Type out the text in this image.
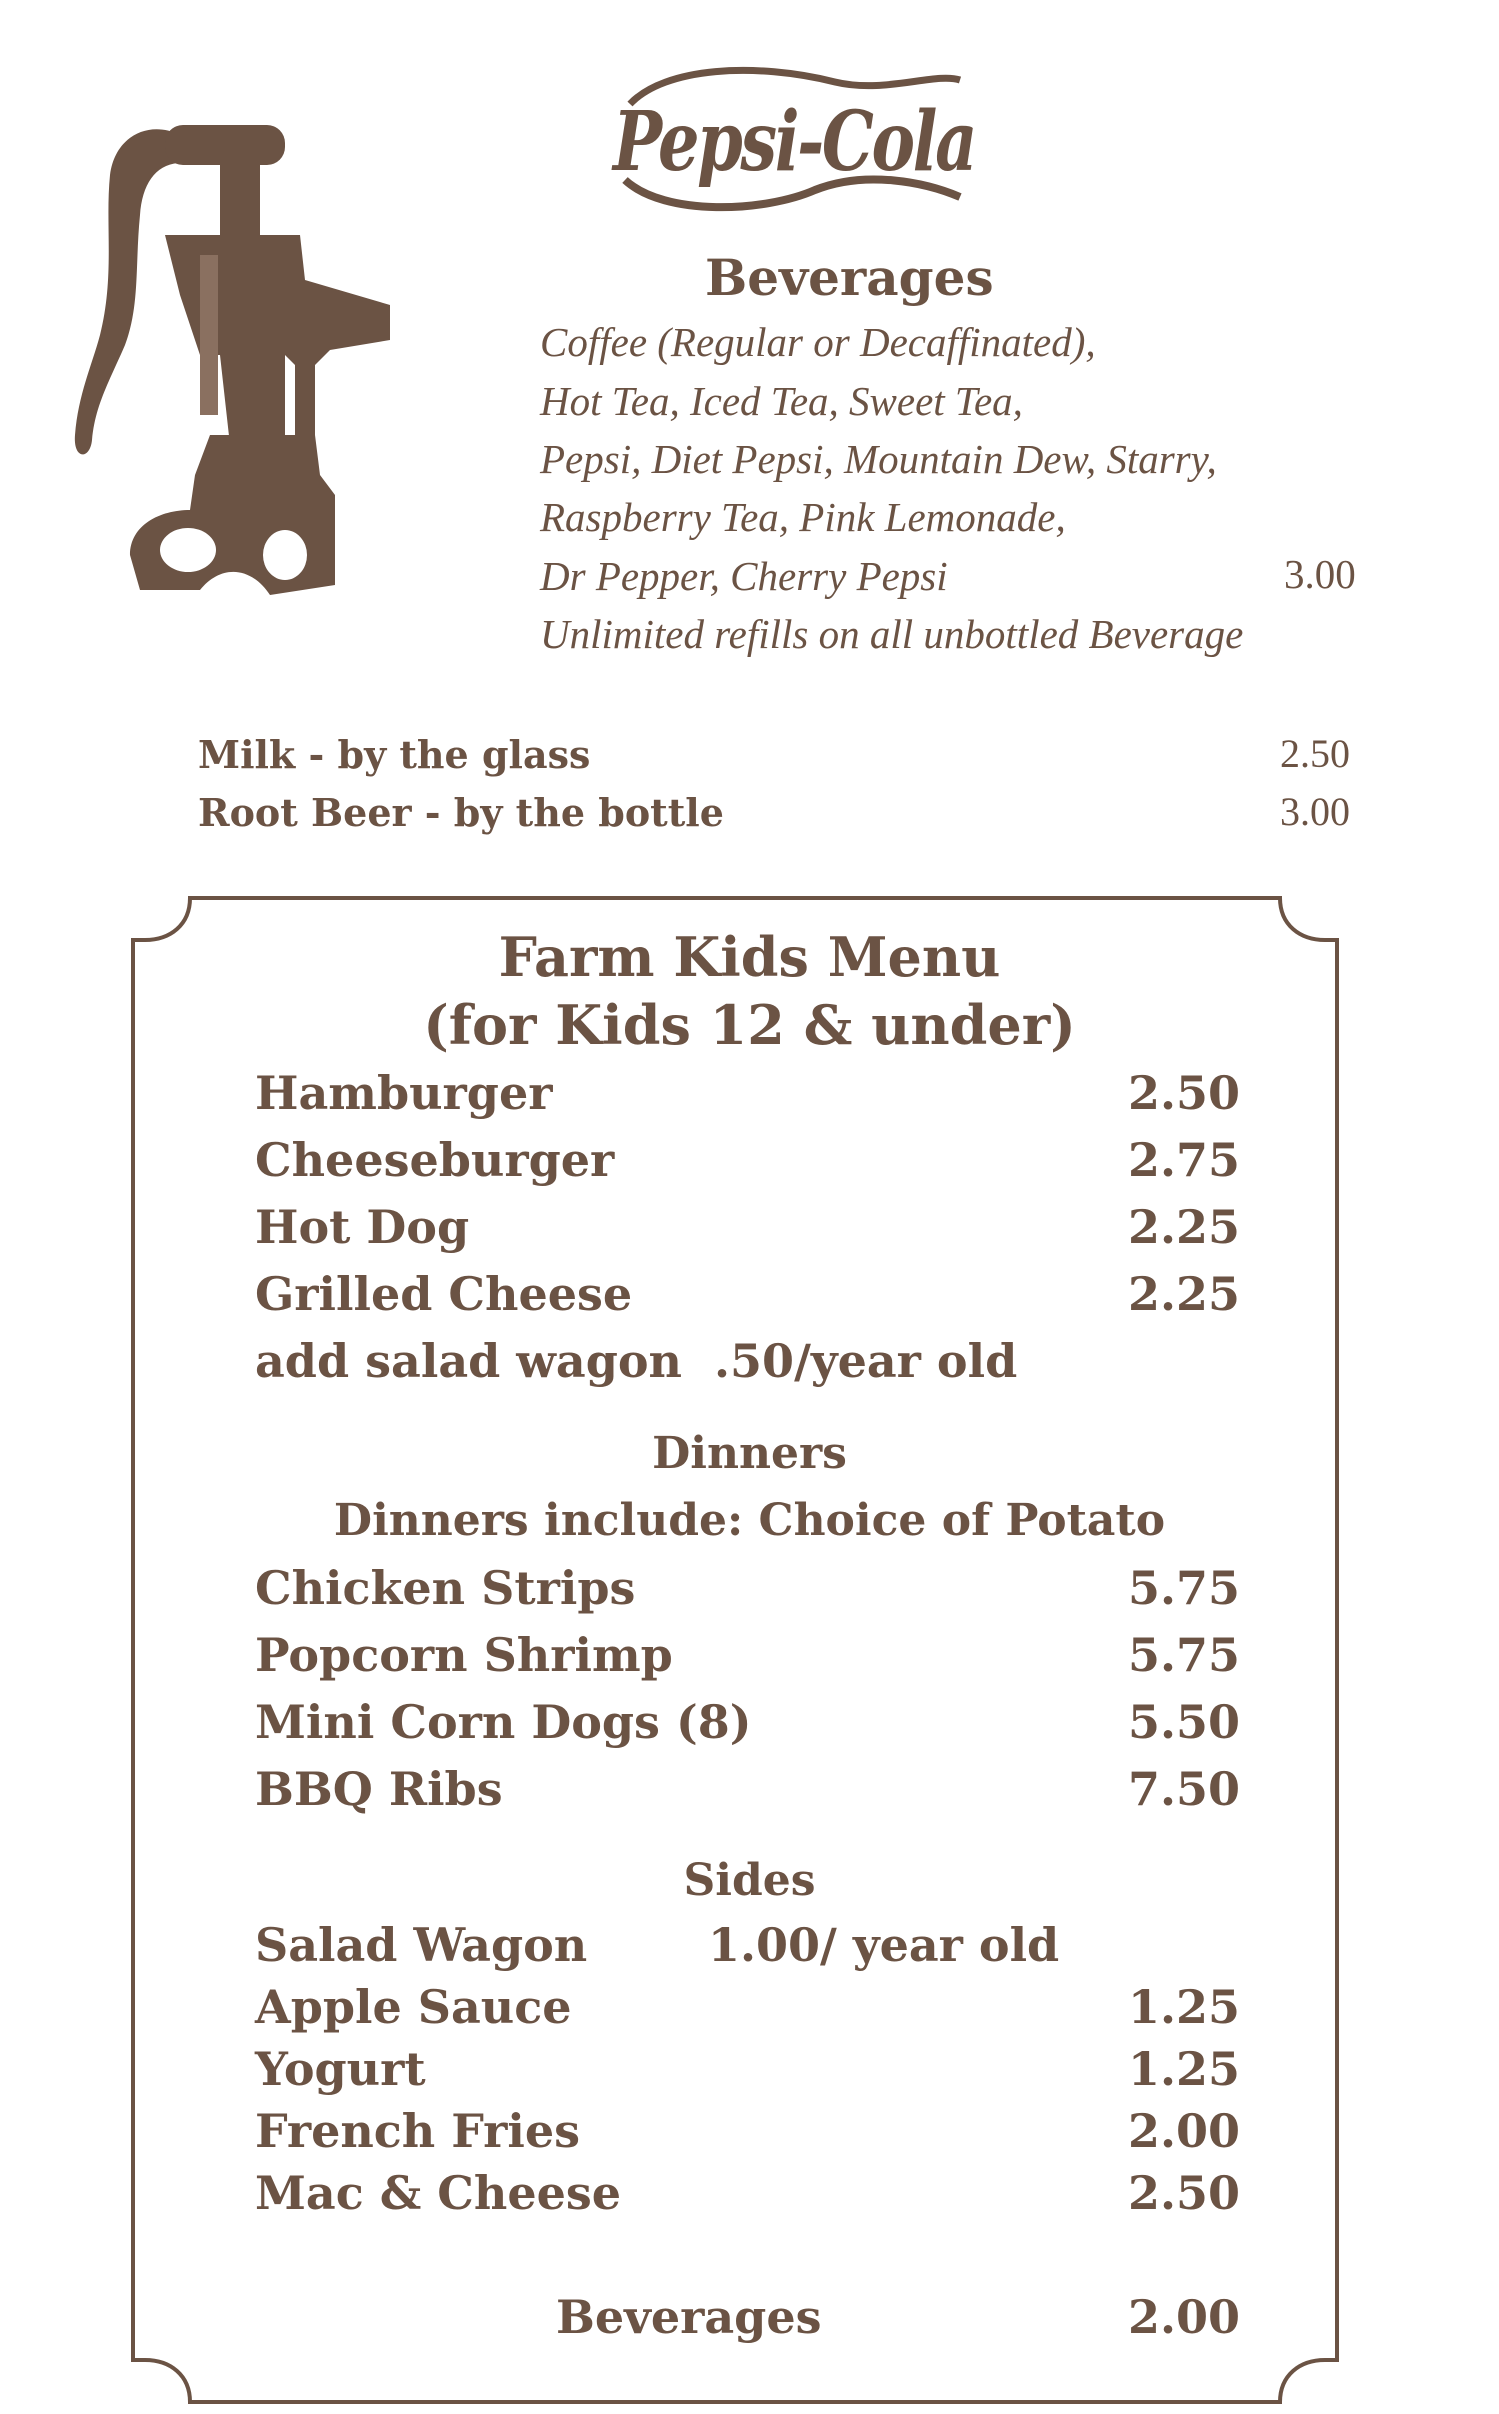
Pepsi-Cola
Beverages
Coffee (Regular or Decaffinated),
Hot Tea, Iced Tea, Sweet Tea,
Pepsi, Diet Pepsi, Mountain Dew, Starry,
Raspberry Tea, Pink Lemonade,
Dr Pepper, Cherry Pepsi	3.00
Unlimited refills on all unbottled Beverage
Milk - by the glass	2.50
Root Beer - by the bottle	3.00
Farm Kids Menu
(for Kids 12 & under)
Hamburger	2.50
Cheeseburger	2.75
Hot Dog	2.25
Grilled Cheese	2.25
add salad wagon  .50/year old
Dinners
Dinners include: Choice of Potato
Chicken Strips	5.75
Popcorn Shrimp	5.75
Mini Corn Dogs (8)	5.50
BBQ Ribs	7.50
Sides
Salad Wagon	1.00/ year old
Apple Sauce	1.25
Yogurt	1.25
French Fries	2.00
Mac & Cheese	2.50
Beverages	2.00
